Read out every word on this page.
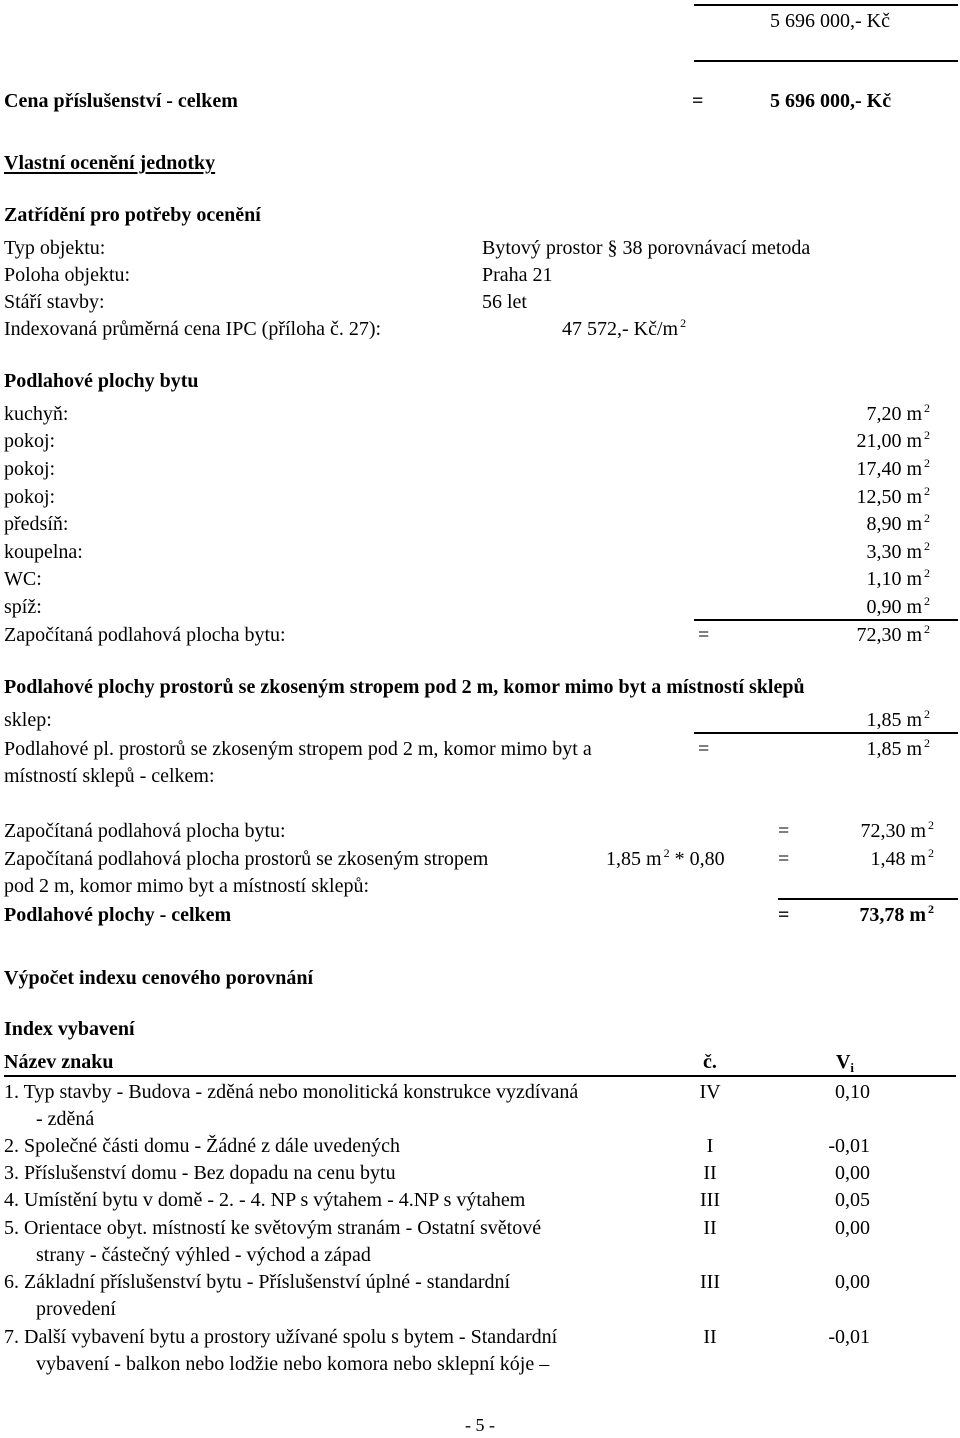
5 696 000,- Kč
Cena příslušenství - celkem	=	5 696 000,- Kč
Vlastní ocenění jednotky
Zatřídění pro potřeby ocenění
Typ objektu:	Bytový prostor § 38 porovnávací metoda
Poloha objektu:	Praha 21
Stáří stavby:	56 let
Indexovaná průměrná cena IPC (příloha č. 27):	47 572,- Kč/m $^2$
Podlahové plochy bytu
kuchyň:	7,20 m $^2$
pokoj:	21,00 m $^2$
pokoj:	17,40 m $^2$
pokoj:	12,50 m $^2$
předsíň:	8,90 m $^2$
koupelna:	3,30 m $^2$
WC:	1,10 m $^2$
spíž:	0,90 m $^2$
Započítaná podlahová plocha bytu:	=	72,30 m $^2$
Podlahové plochy prostorů se zkoseným stropem pod 2 m, komor mimo byt a místností sklepů
sklep:	1,85 m $^2$
Podlahové pl. prostorů se zkoseným stropem pod 2 m, komor mimo byt a
místností sklepů - celkem:
=	1,85 m $^2$
Započítaná podlahová plocha bytu:	=	72,30 m $^2$
Započítaná podlahová plocha prostorů se zkoseným stropem
pod 2 m, komor mimo byt a místností sklepů:
1,85 m $^2$ * 0,80	=	1,48 m $^2$
Podlahové plochy - celkem	=	73,78 m $^2$
Výpočet indexu cenového porovnání
Index vybavení
Název znaku	č.	$V_i$
1. Typ stavby - Budova - zděná nebo monolitická konstrukce vyzdívaná
- zděná
IV	0,10
2. Společné části domu - Žádné z dále uvedených	I	-0,01
3. Příslušenství domu - Bez dopadu na cenu bytu	II	0,00
4. Umístění bytu v domě - 2. - 4. NP s výtahem - 4.NP s výtahem	III	0,05
5. Orientace obyt. místností ke světovým stranám - Ostatní světové
strany - částečný výhled - východ a západ
II	0,00
6. Základní příslušenství bytu - Příslušenství úplné - standardní
provedení
III	0,00
7. Další vybavení bytu a prostory užívané spolu s bytem - Standardní
vybavení - balkon nebo lodžie nebo komora nebo sklepní kóje –
II	-0,01
- 5 -
